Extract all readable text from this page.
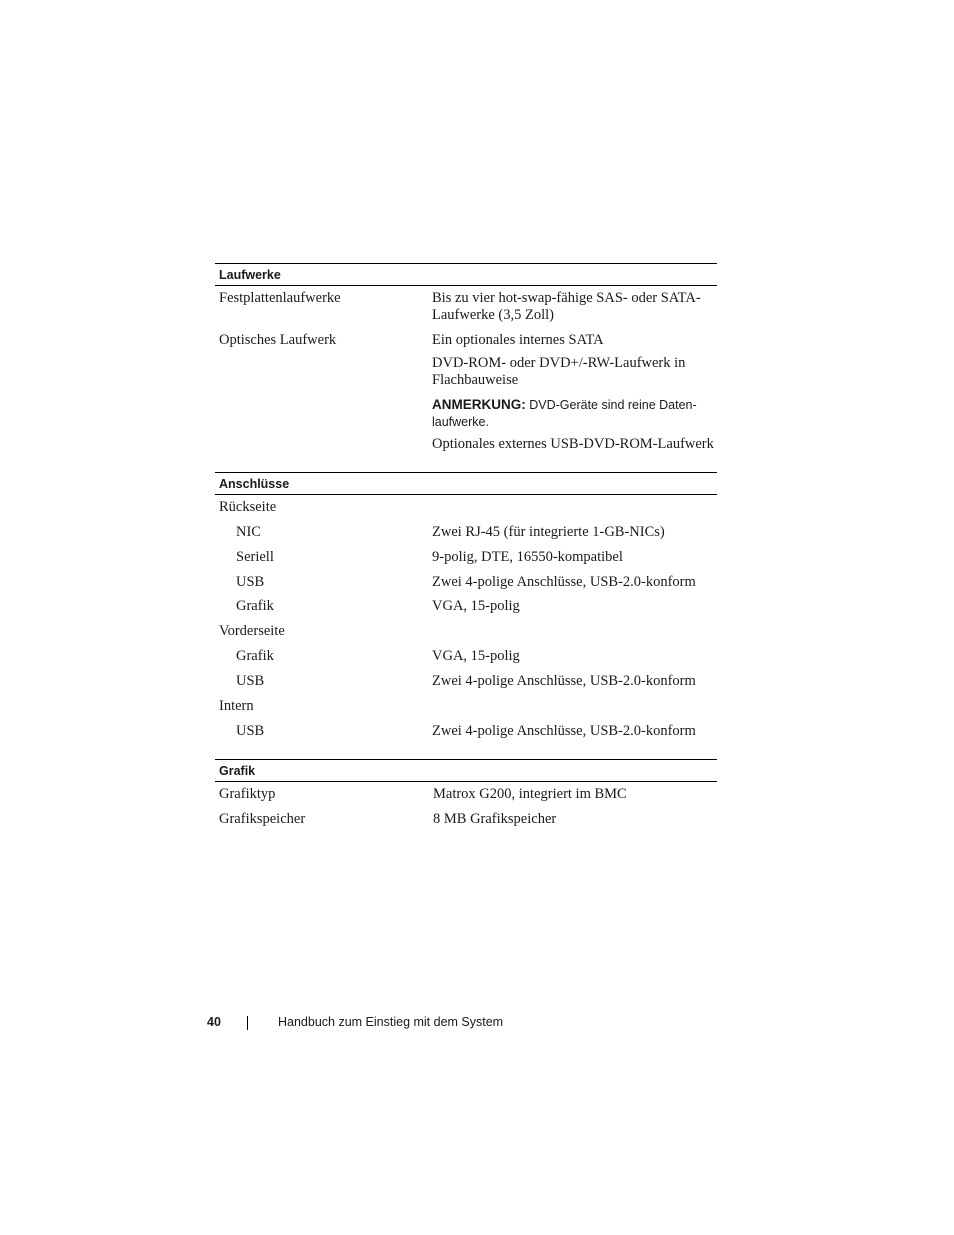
Laufwerke
Festplattenlaufwerke	Bis zu vier hot-swap-fähige SAS- oder SATA-Laufwerke (3,5 Zoll)
Optisches Laufwerk	Ein optionales internes SATA
DVD-ROM- oder DVD+/-RW-Laufwerk in Flachbauweise
ANMERKUNG: DVD-Geräte sind reine Daten-laufwerke.
Optionales externes USB-DVD-ROM-Laufwerk
Anschlüsse
Rückseite
NIC	Zwei RJ-45 (für integrierte 1-GB-NICs)
Seriell	9-polig, DTE, 16550-kompatibel
USB	Zwei 4-polige Anschlüsse, USB-2.0-konform
Grafik	VGA, 15-polig
Vorderseite
Grafik	VGA, 15-polig
USB	Zwei 4-polige Anschlüsse, USB-2.0-konform
Intern
USB	Zwei 4-polige Anschlüsse, USB-2.0-konform
Grafik
Grafiktyp	Matrox G200, integriert im BMC
Grafikspeicher	8 MB Grafikspeicher
40	Handbuch zum Einstieg mit dem System
